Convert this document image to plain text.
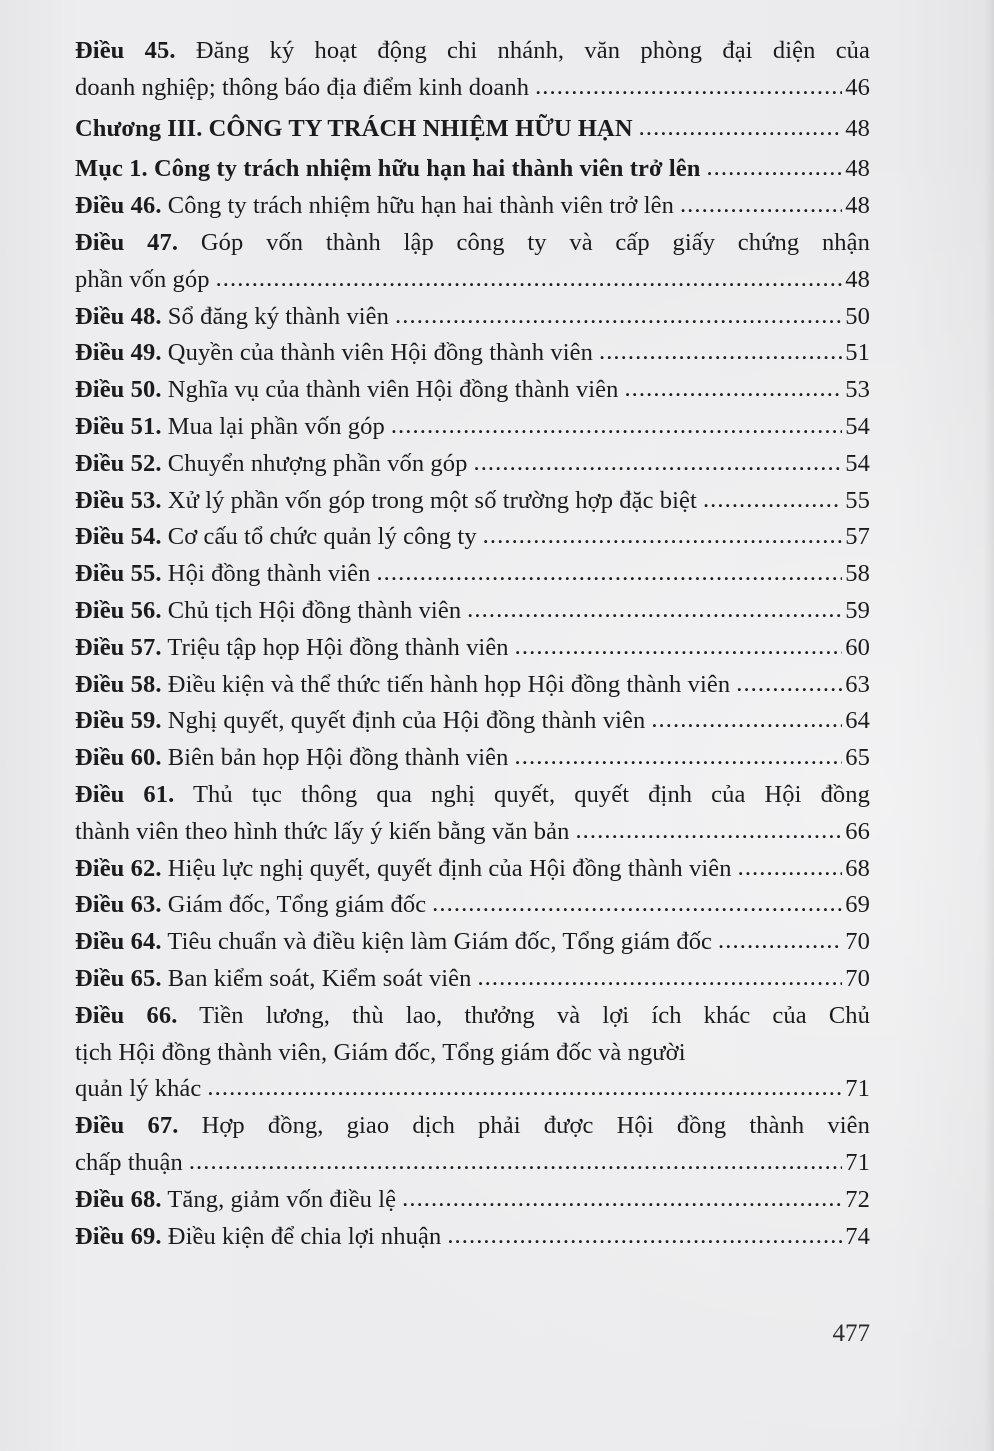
Điều 45. Đăng ký hoạt động chi nhánh, văn phòng đại diện của
doanh nghiệp; thông báo địa điểm kinh doanh .....	46
Chương III. CÔNG TY TRÁCH NHIỆM HỮU HẠN .....	48
Mục 1. Công ty trách nhiệm hữu hạn hai thành viên trở lên .....	48
Điều 46. Công ty trách nhiệm hữu hạn hai thành viên trở lên .....	48
Điều 47. Góp vốn thành lập công ty và cấp giấy chứng nhận
phần vốn góp .....	48
Điều 48. Sổ đăng ký thành viên .....	50
Điều 49. Quyền của thành viên Hội đồng thành viên .....	51
Điều 50. Nghĩa vụ của thành viên Hội đồng thành viên .....	53
Điều 51. Mua lại phần vốn góp .....	54
Điều 52. Chuyển nhượng phần vốn góp .....	54
Điều 53. Xử lý phần vốn góp trong một số trường hợp đặc biệt .....	55
Điều 54. Cơ cấu tổ chức quản lý công ty .....	57
Điều 55. Hội đồng thành viên .....	58
Điều 56. Chủ tịch Hội đồng thành viên .....	59
Điều 57. Triệu tập họp Hội đồng thành viên .....	60
Điều 58. Điều kiện và thể thức tiến hành họp Hội đồng thành viên .....	63
Điều 59. Nghị quyết, quyết định của Hội đồng thành viên .....	64
Điều 60. Biên bản họp Hội đồng thành viên .....	65
Điều 61. Thủ tục thông qua nghị quyết, quyết định của Hội đồng
thành viên theo hình thức lấy ý kiến bằng văn bản .....	66
Điều 62. Hiệu lực nghị quyết, quyết định của Hội đồng thành viên .....	68
Điều 63. Giám đốc, Tổng giám đốc .....	69
Điều 64. Tiêu chuẩn và điều kiện làm Giám đốc, Tổng giám đốc .....	70
Điều 65. Ban kiểm soát, Kiểm soát viên .....	70
Điều 66. Tiền lương, thù lao, thưởng và lợi ích khác của Chủ
tịch Hội đồng thành viên, Giám đốc, Tổng giám đốc và người
quản lý khác .....	71
Điều 67. Hợp đồng, giao dịch phải được Hội đồng thành viên
chấp thuận .....	71
Điều 68. Tăng, giảm vốn điều lệ .....	72
Điều 69. Điều kiện để chia lợi nhuận .....	74
477
